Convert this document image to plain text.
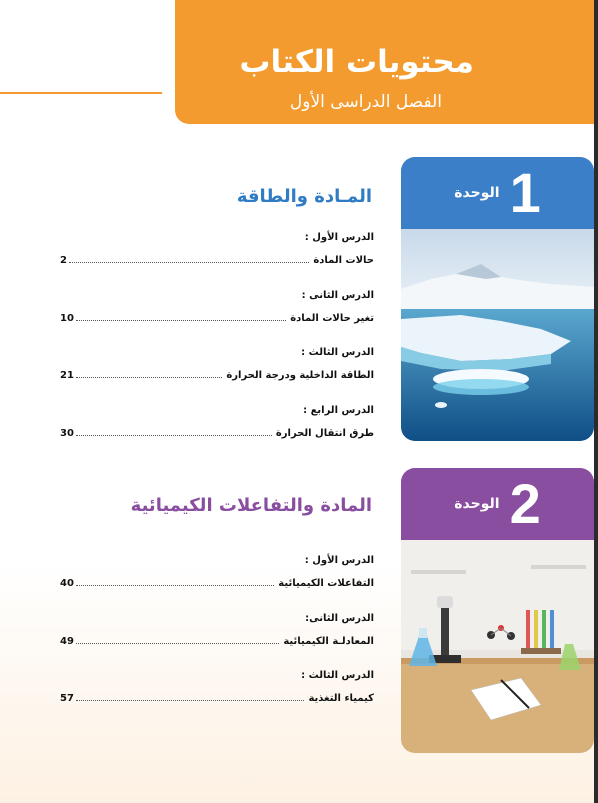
محتويات الكتاب
الفصل الدراسى الأول
الوحدة 1
المـادة والطاقة
الدرس الأول :
2	حالات المادة
الدرس الثانى :
10	تغير حالات المادة
الدرس الثالث :
21	الطاقة الداخلية ودرجة الحرارة
الدرس الرابع :
30	طرق انتقال الحرارة
الوحدة 2
المادة والتفاعلات الكيميائية
الدرس الأول :
40	التفاعلات الكيميائية
الدرس الثانى:
49	المعادلـة الكيميائية
الدرس الثالث :
57	كيمياء التغذية
